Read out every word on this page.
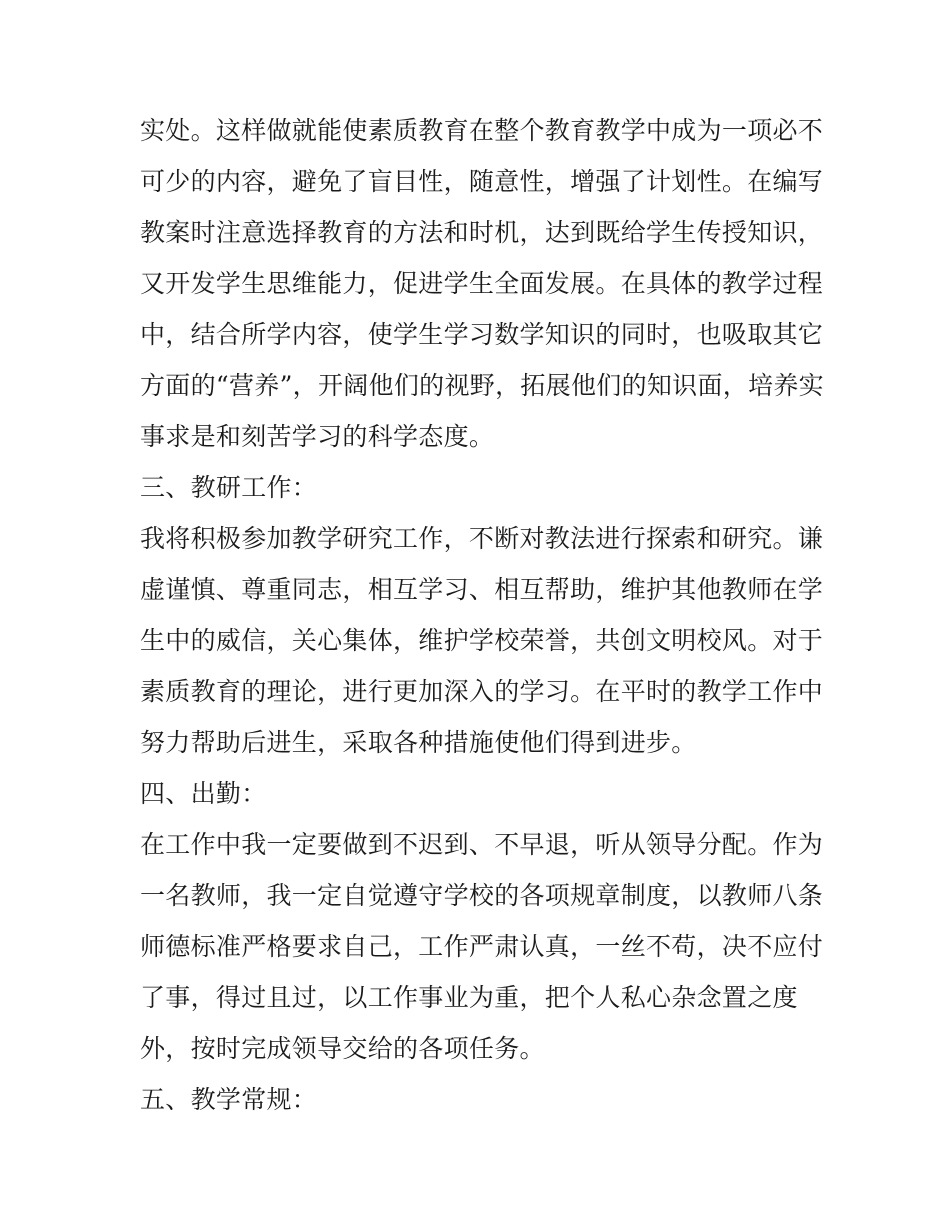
实处。这样做就能使素质教育在整个教育教学中成为一项必不
可少的内容，避免了盲目性，随意性，增强了计划性。在编写
教案时注意选择教育的方法和时机，达到既给学生传授知识，
又开发学生思维能力，促进学生全面发展。在具体的教学过程
中，结合所学内容，使学生学习数学知识的同时，也吸取其它
方面的“营养”，开阔他们的视野，拓展他们的知识面，培养实
事求是和刻苦学习的科学态度。
三、教研工作：
我将积极参加教学研究工作，不断对教法进行探索和研究。谦
虚谨慎、尊重同志，相互学习、相互帮助，维护其他教师在学
生中的威信，关心集体，维护学校荣誉，共创文明校风。对于
素质教育的理论，进行更加深入的学习。在平时的教学工作中
努力帮助后进生，采取各种措施使他们得到进步。
四、出勤：
在工作中我一定要做到不迟到、不早退，听从领导分配。作为
一名教师，我一定自觉遵守学校的各项规章制度，以教师八条
师德标准严格要求自己，工作严肃认真，一丝不苟，决不应付
了事，得过且过，以工作事业为重，把个人私心杂念置之度
外，按时完成领导交给的各项任务。
五、教学常规：
